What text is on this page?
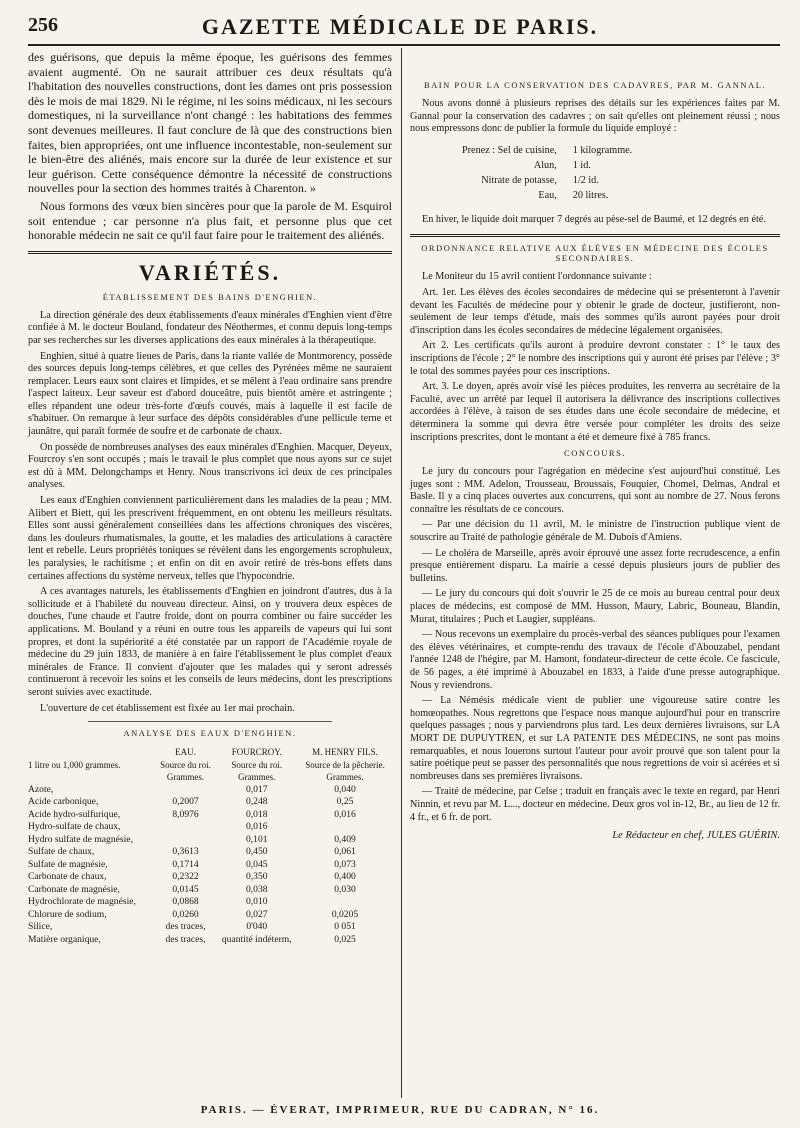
256	GAZETTE MÉDICALE DE PARIS.

des guérisons, que depuis la même époque, les guérisons des femmes avaient augmenté. On ne saurait attribuer ces deux résultats qu'à l'habitation des nouvelles constructions, dont les dames ont pris possession dès le mois de mai 1829. Ni le régime, ni les soins médicaux, ni les secours domestiques, ni la surveillance n'ont changé : les habitations des femmes sont devenues meilleures. Il faut conclure de là que des constructions bien faites, bien appropriées, ont une influence incontestable, non-seulement sur le bien-être des aliénés, mais encore sur la durée de leur existence et sur leur guérison. Cette conséquence démontre la nécessité de constructions nouvelles pour la section des hommes traités à Charenton. »

Nous formons des vœux bien sincères pour que la parole de M. Esquirol soit entendue ; car personne n'a plus fait, et personne plus que cet honorable médecin ne sait ce qu'il faut faire pour le traitement des aliénés.

VARIÉTÉS.
ÉTABLISSEMENT DES BAINS D'ENGHIEN.

La direction générale des deux établissements d'eaux minérales d'Enghien vient d'être confiée à M. le docteur Bouland, fondateur des Néothermes, et connu depuis long-temps par ses recherches sur les diverses applications des eaux minérales à la thérapeutique.

Enghien, situé à quatre lieues de Paris, dans la riante vallée de Montmorency, possède des sources depuis long-temps célèbres, et que celles des Pyrénées même ne sauraient remplacer. Leurs eaux sont claires et limpides, et se mêlent à l'eau ordinaire sans prendre l'aspect laiteux. Leur saveur est d'abord douceâtre, puis bientôt amère et astringente ; elles répandent une odeur très-forte d'œufs couvés, mais à laquelle il est facile de s'habituer. On remarque à leur surface des dépôts considérables d'une pellicule terne et jaunâtre, qui paraît formée de soufre et de carbonate de chaux.

On possède de nombreuses analyses des eaux minérales d'Enghien. Macquer, Deyeux, Fourcroy s'en sont occupés ; mais le travail le plus complet que nous ayons sur ce sujet est dû à MM. Delongchamps et Henry. Nous transcrivons ici deux de ces principales analyses.

Les eaux d'Enghien conviennent particulièrement dans les maladies de la peau ; MM. Alibert et Biett, qui les prescrivent fréquemment, en ont obtenu les meilleurs résultats. Elles sont aussi généralement conseillées dans les affections chroniques des viscères, dans les douleurs rhumatismales, la goutte, et les maladies des articulations à caractère lent et rebelle. Leurs propriétés toniques se révèlent dans les engorgements scrophuleux, les paralysies, le rachitisme ; et enfin on dit en avoir retiré de très-bons effets dans certaines affections du système nerveux, telles que l'hypocondrie.

A ces avantages naturels, les établissements d'Enghien en joindront d'autres, dus à la sollicitude et à l'habileté du nouveau directeur. Ainsi, on y trouvera deux espèces de douches, l'une chaude et l'autre froide, dont on pourra combiner ou faire succéder les applications. M. Bouland y a réuni en outre tous les appareils de vapeurs qui lui sont propres, et dont la supériorité a été constatée par un rapport de l'Académie royale de médecine du 29 juin 1833, de manière à en faire l'établissement le plus complet d'eaux minérales de France. Il convient d'ajouter que les malades qui y seront adressés continueront à recevoir les soins et les conseils de leurs médecins, dont les prescriptions seront suivies avec exactitude.

L'ouverture de cet établissement est fixée au 1er mai prochain.

ANALYSE DES EAUX D'ENGHIEN.
	EAU.	FOURCROY.	M. HENRY FILS.
1 litre ou 1,000 grammes.	Source du roi.	Source du roi.	Source de la pêcherie.
	Grammes.	Grammes.	Grammes.
Azote,		0,017	0,040
Acide carbonique,	0,2007	0,248	0,25
Acide hydro-sulfurique,	8,0976	0,018	0,016
Hydro-sulfate de chaux,		0,016	
Hydro sulfate de magnésie,		0,101	0,409
Sulfate de chaux,	0,3613	0,450	0,061
Sulfate de magnésie,	0,1714	0,045	0,073
Carbonate de chaux,	0,2322	0,350	0,400
Carbonate de magnésie,	0,0145	0,038	0,030
Hydrochlorate de magnésie,	0,0868	0,010	
Chlorure de sodium,	0,0260	0,027	0,0205
Silice,	des traces,	0'040	0 051
Matière organique,	des traces,	quantité indéterm,	0,025
BAIN POUR LA CONSERVATION DES CADAVRES, PAR M. GANNAL.

Nous avons donné à plusieurs reprises des détails sur les expériences faites par M. Gannal pour la conservation des cadavres ; on sait qu'elles ont pleinement réussi ; nous nous empressons donc de publier la formule du liquide employé :

Prenez : Sel de cuisine,	1 kilogramme.
Alun,	1 id.
Nitrate de potasse,	1/2 id.
Eau,	20 litres.

En hiver, le liquide doit marquer 7 degrés au pèse-sel de Baumé, et 12 degrés en été.

ORDONNANCE RELATIVE AUX ÉLÈVES EN MÉDECINE DES ÉCOLES SECONDAIRES.

Le Moniteur du 15 avril contient l'ordonnance suivante :

Art. 1er. Les élèves des écoles secondaires de médecine qui se présenteront à l'avenir devant les Facultés de médecine pour y obtenir le grade de docteur, justifieront, non-seulement de leur temps d'étude, mais des sommes qu'ils auront payées pour droit d'inscription dans les écoles secondaires de médecine légalement organisées.

Art 2. Les certificats qu'ils auront à produire devront constater : 1° le taux des inscriptions de l'école ; 2° le nombre des inscriptions qui y auront été prises par l'élève ; 3° le total des sommes payées pour ces inscriptions.

Art. 3. Le doyen, après avoir visé les pièces produites, les renverra au secrétaire de la Faculté, avec un arrêté par lequel il autorisera la délivrance des inscriptions collectives accordées à l'élève, à raison de ses études dans une école secondaire de médecine, et déterminera la somme qui devra être versée pour compléter les droits des seize inscriptions prescrites, dont le montant a été et demeure fixé à 785 francs.

CONCOURS.

Le jury du concours pour l'agrégation en médecine s'est aujourd'hui constitué. Les juges sont : MM. Adelon, Trousseau, Broussais, Fouquier, Chomel, Delmas, Andral et Basle. Il y a cinq places ouvertes aux concurrens, qui sont au nombre de 27. Nous ferons connaître les résultats de ce concours.

— Par une décision du 11 avril, M. le ministre de l'instruction publique vient de souscrire au Traité de pathologie générale de M. Dubois d'Amiens.

— Le choléra de Marseille, après avoir éprouvé une assez forte recrudescence, a enfin presque entièrement disparu. La mairie a cessé depuis plusieurs jours de publier des bulletins.

— Le jury du concours qui doit s'ouvrir le 25 de ce mois au bureau central pour deux places de médecins, est composé de MM. Husson, Maury, Labric, Bouneau, Blandin, Murat, titulaires ; Puch et Laugier, suppléans.

— Nous recevons un exemplaire du procès-verbal des séances publiques pour l'examen des élèves vétérinaires, et compte-rendu des travaux de l'école d'Abouzabel, pendant l'année 1248 de l'hégire, par M. Hamont, fondateur-directeur de cette école. Ce fascicule, de 56 pages, a été imprimé à Abouzabel en 1833, à l'aide d'une presse autographique. Nous y reviendrons.

— La Némésis médicale vient de publier une vigoureuse satire contre les homœopathes. Nous regrettons que l'espace nous manque aujourd'hui pour en transcrire quelques passages ; nous y parviendrons plus tard. Les deux dernières livraisons, sur LA MORT DE DUPUYTREN, et sur LA PATENTE DES MÉDECINS, ne sont pas moins remarquables, et nous louerons surtout l'auteur pour avoir prouvé que son talent pour la satire poétique peut se passer des personnalités que nous regrettions de voir si acérées et si nombreuses dans ses premières livraisons.

— Traité de médecine, par Celse ; traduit en français avec le texte en regard, par Henri Ninnin, et revu par M. L..., docteur en médecine. Deux gros vol in-12, Br., au lieu de 12 fr. 4 fr., et 6 fr. de port.

Le Rédacteur en chef, JULES GUÉRIN.
PARIS. — ÉVERAT, IMPRIMEUR, RUE DU CADRAN, N° 16.
